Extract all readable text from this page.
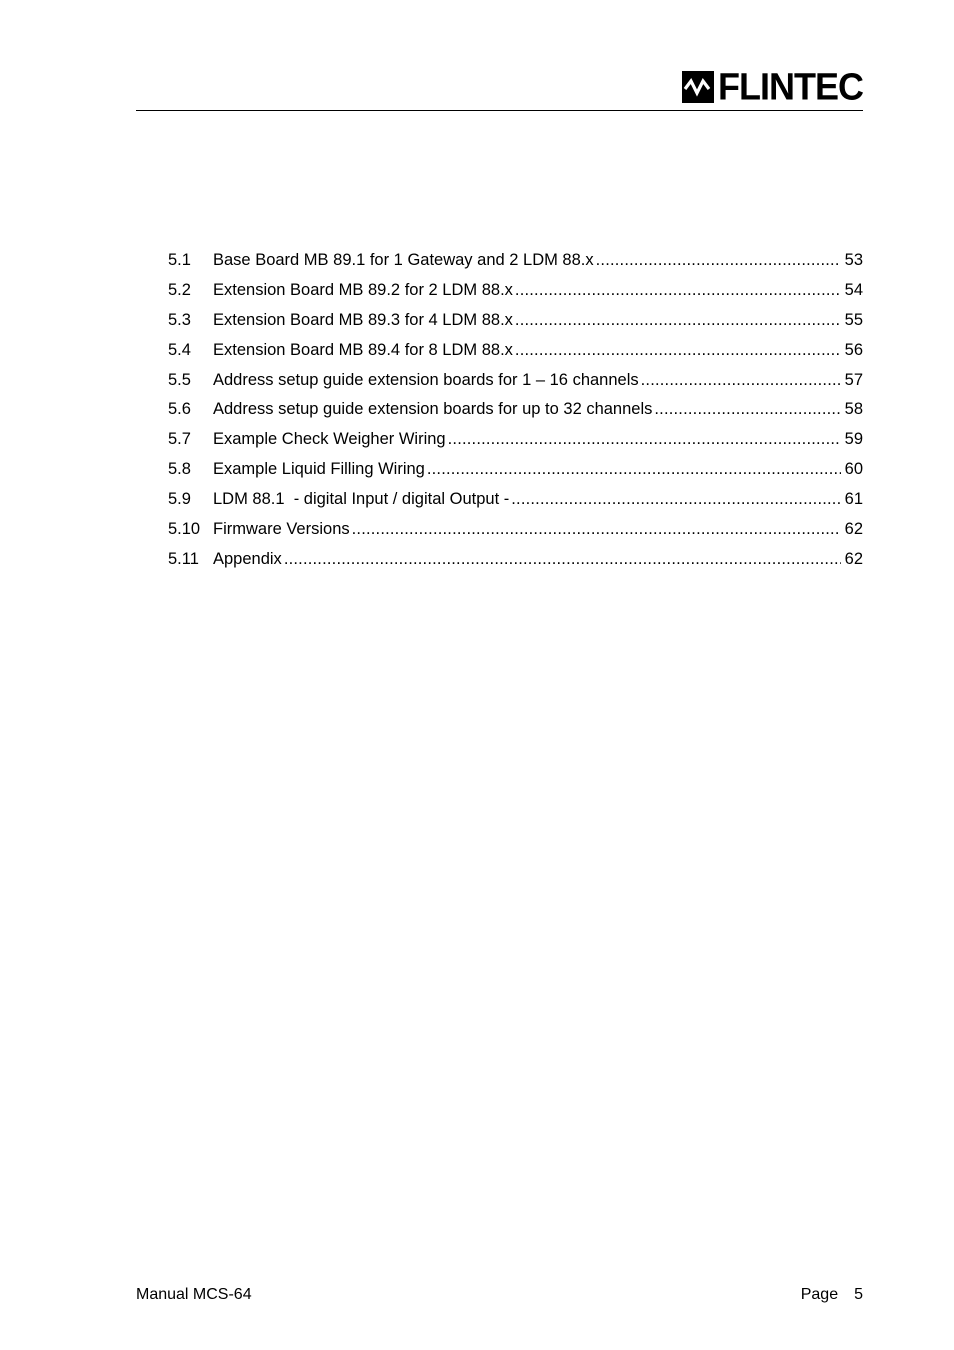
FLINTEC
5.1	Base Board MB 89.1 for 1 Gateway and 2 LDM 88.x .....	53
5.2	Extension Board MB 89.2 for 2 LDM 88.x .....	54
5.3	Extension Board MB 89.3 for 4 LDM 88.x .....	55
5.4	Extension Board MB 89.4 for 8 LDM 88.x .....	56
5.5	Address setup guide extension boards for 1 – 16 channels .....	57
5.6	Address setup guide extension boards for up to 32 channels .....	58
5.7	Example Check Weigher Wiring .....	59
5.8	Example Liquid Filling Wiring .....	60
5.9	LDM 88.1  - digital Input / digital Output - .....	61
5.10 Firmware Versions .....	62
5.11 Appendix .....	62
Manual MCS-64	Page 5
